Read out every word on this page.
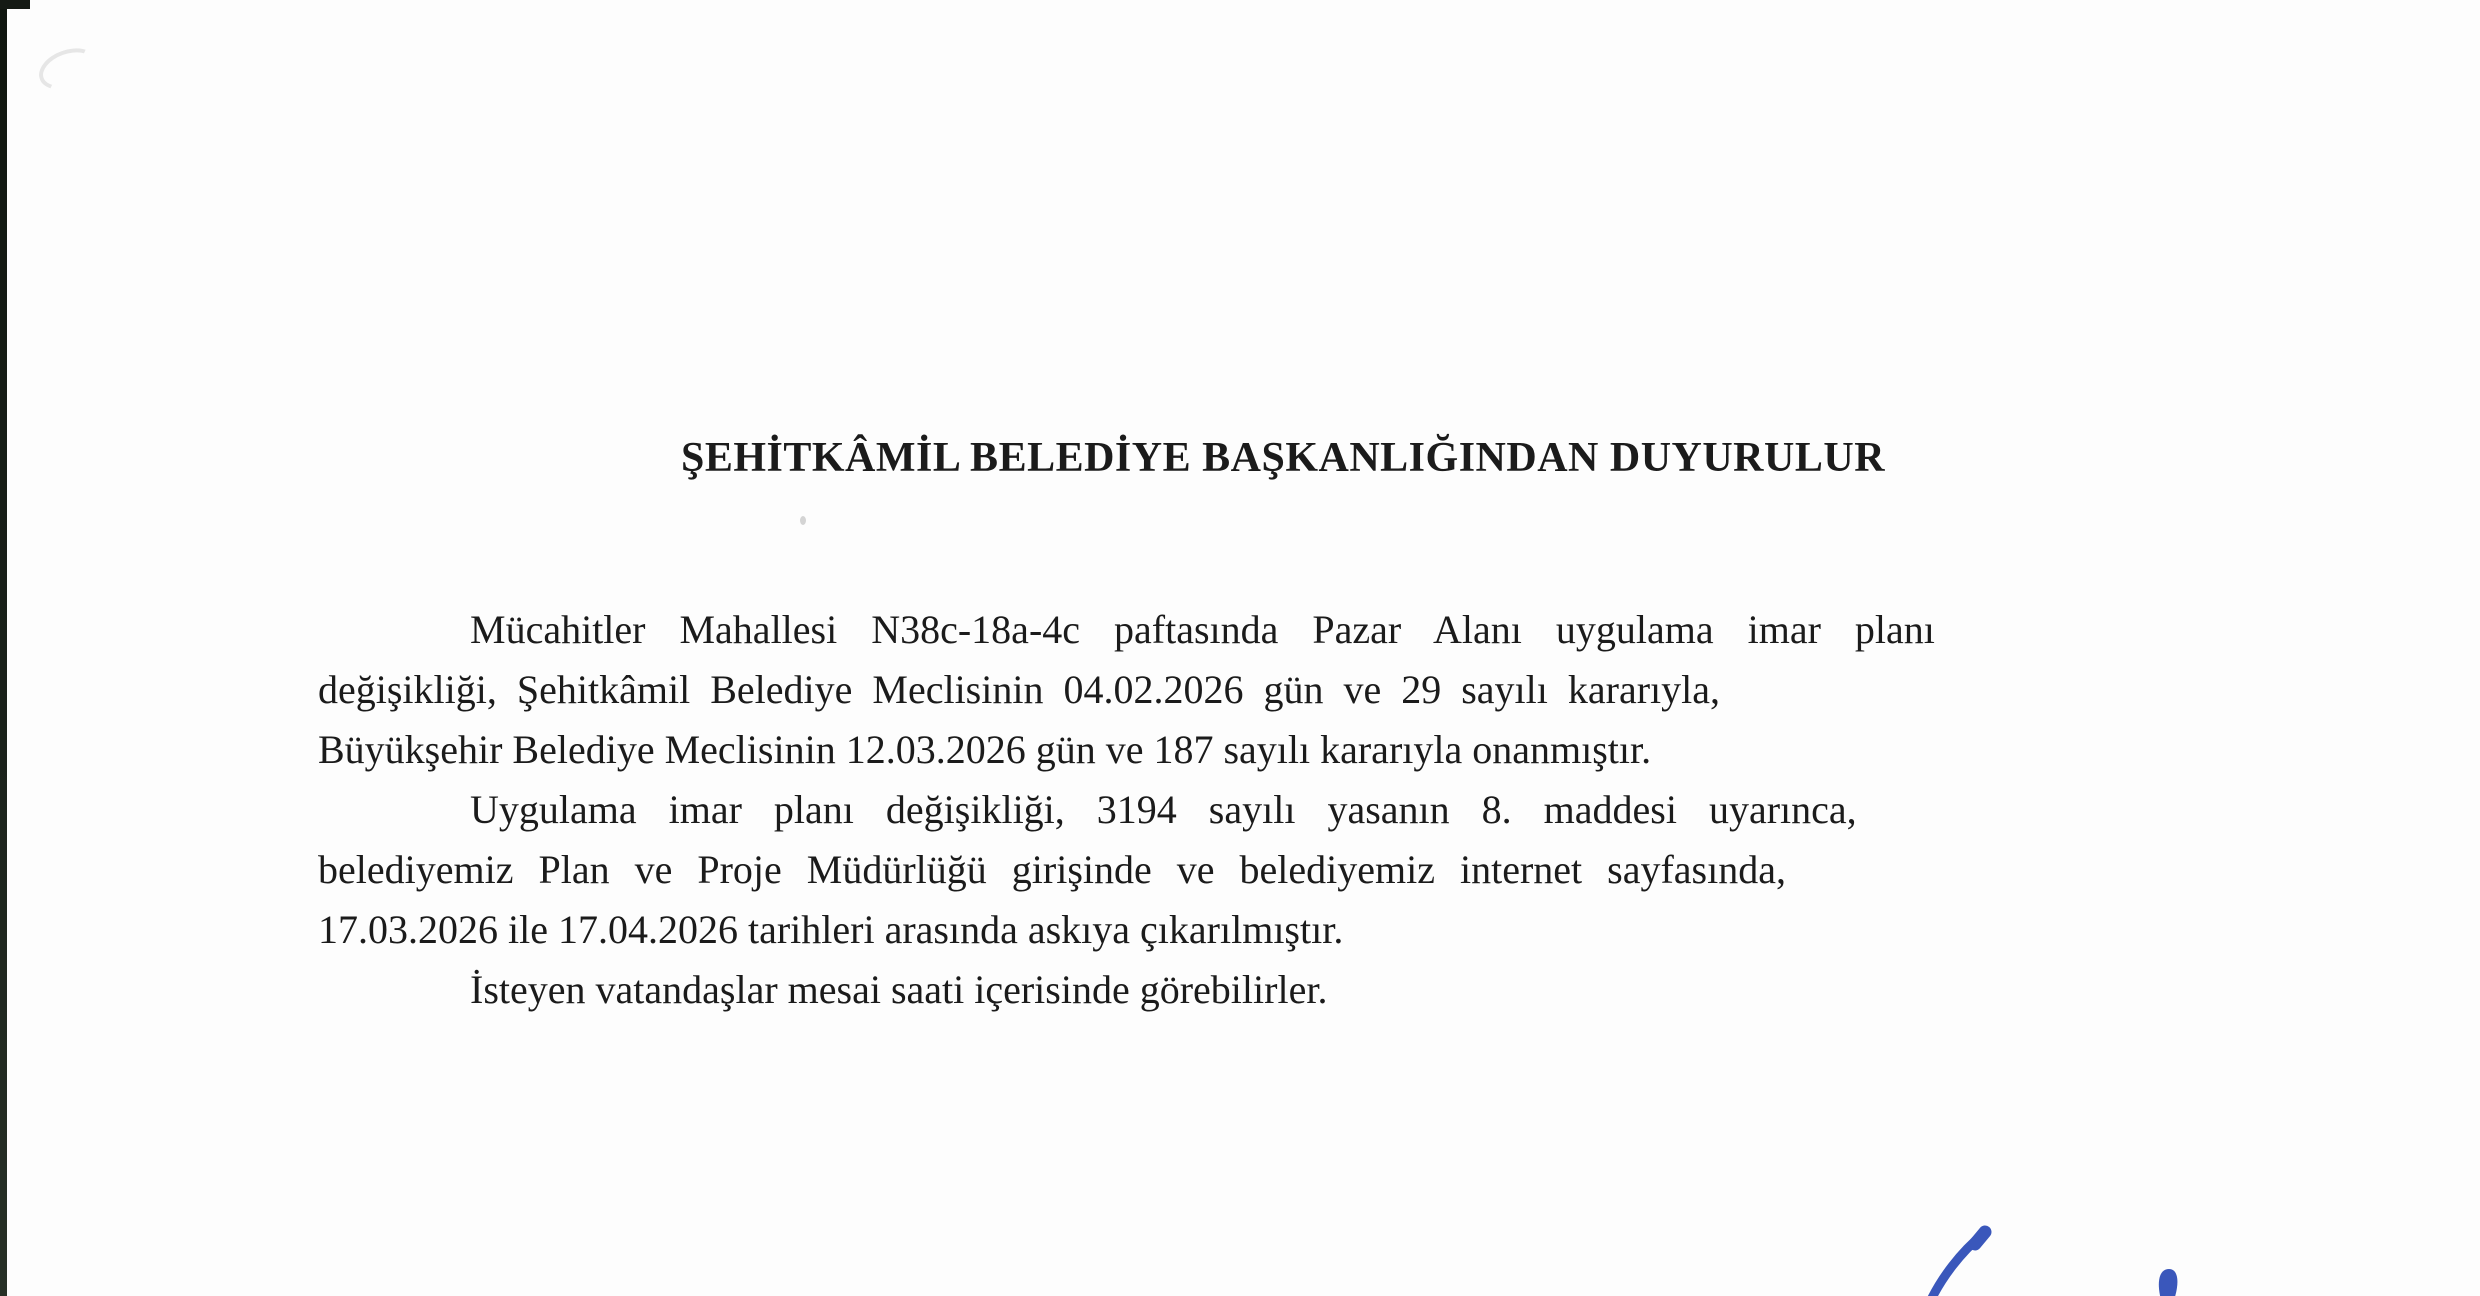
ŞEHİTKÂMİL BELEDİYE BAŞKANLIĞINDAN DUYURULUR
Mücahitler Mahallesi N38c-18a-4c paftasında Pazar Alanı uygulama imar planı
değişikliği, Şehitkâmil Belediye Meclisinin 04.02.2026 gün ve 29 sayılı kararıyla,
Büyükşehir Belediye Meclisinin 12.03.2026 gün ve 187 sayılı kararıyla onanmıştır.
Uygulama imar planı değişikliği, 3194 sayılı yasanın 8. maddesi uyarınca,
belediyemiz Plan ve Proje Müdürlüğü girişinde ve belediyemiz internet sayfasında,
17.03.2026 ile 17.04.2026 tarihleri arasında askıya çıkarılmıştır.
İsteyen vatandaşlar mesai saati içerisinde görebilirler.
